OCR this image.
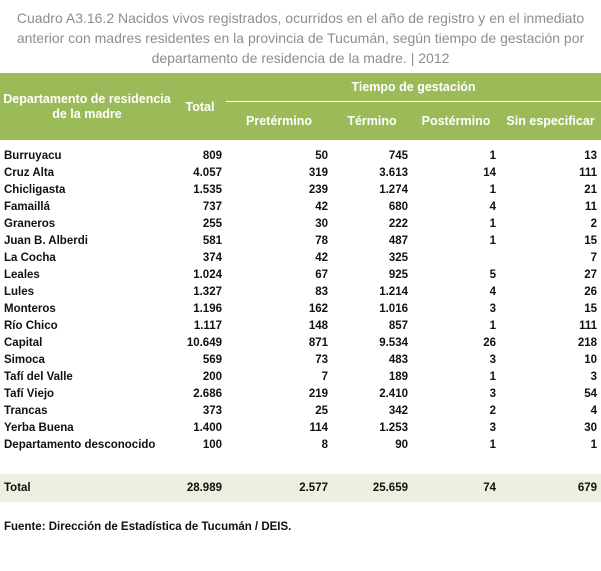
Cuadro A3.16.2 Nacidos vivos registrados, ocurridos en el año de registro y en el inmediato
anterior con madres residentes en la provincia de Tucumán, según tiempo de gestación por
departamento de residencia de la madre. | 2012
Departamento de residencia de la madre	Total	Tiempo de gestación			
		Pretérmino	Término	Postérmino	Sin especificar

Burruyacu	809	50	745	1	13
Cruz Alta	4.057	319	3.613	14	111
Chicligasta	1.535	239	1.274	1	21
Famaillá	737	42	680	4	11
Graneros	255	30	222	1	2
Juan B. Alberdi	581	78	487	1	15
La Cocha	374	42	325		7
Leales	1.024	67	925	5	27
Lules	1.327	83	1.214	4	26
Monteros	1.196	162	1.016	3	15
Río Chico	1.117	148	857	1	111
Capital	10.649	871	9.534	26	218
Simoca	569	73	483	3	10
Tafí del Valle	200	7	189	1	3
Tafí Viejo	2.686	219	2.410	3	54
Trancas	373	25	342	2	4
Yerba Buena	1.400	114	1.253	3	30
Departamento desconocido	100	8	90	1	1

Total	28.989	2.577	25.659	74	679
Fuente: Dirección de Estadística de Tucumán / DEIS.
